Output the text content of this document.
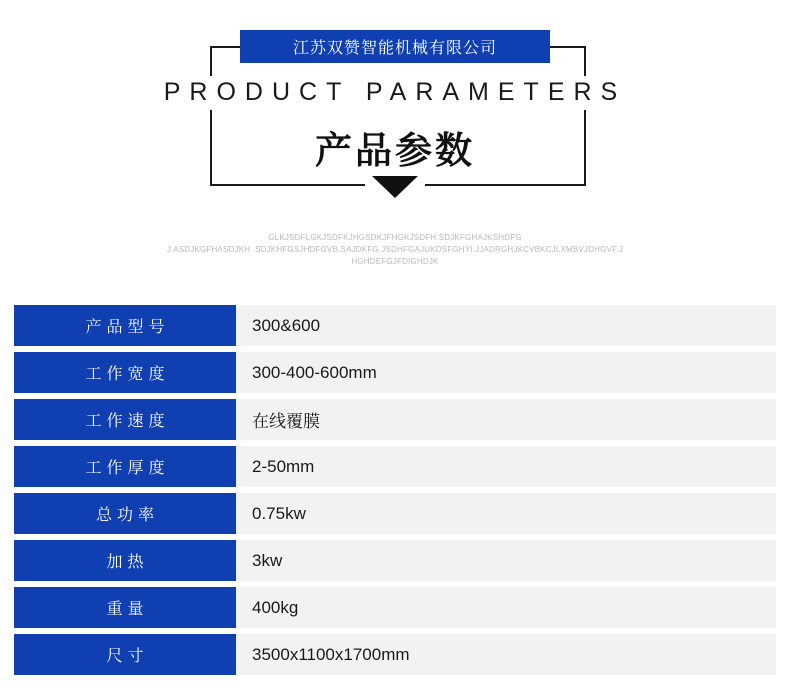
江苏双赞智能机械有限公司
PRODUCT PARAMETERS
产品参数
GLKJSDFLGKJSDFKJHGSDKJFHGKJSDFH.SDJKFGHAJKSHDFG
J ASDJKGFHASDJKH .SDJKHFGSJHDFGVB.SAJDKFG.JSDHFGAJUKDSFGHYI.JJADRGHJKCVBKCJLXMBVJDHGVF.J
HGHDEFGJFDIGHDJK
产品型号	300&600
工作宽度	300-400-600mm
工作速度	在线覆膜
工作厚度	2-50mm
总功率	0.75kw
加热	3kw
重量	400kg
尺寸	3500x1100x1700mm
